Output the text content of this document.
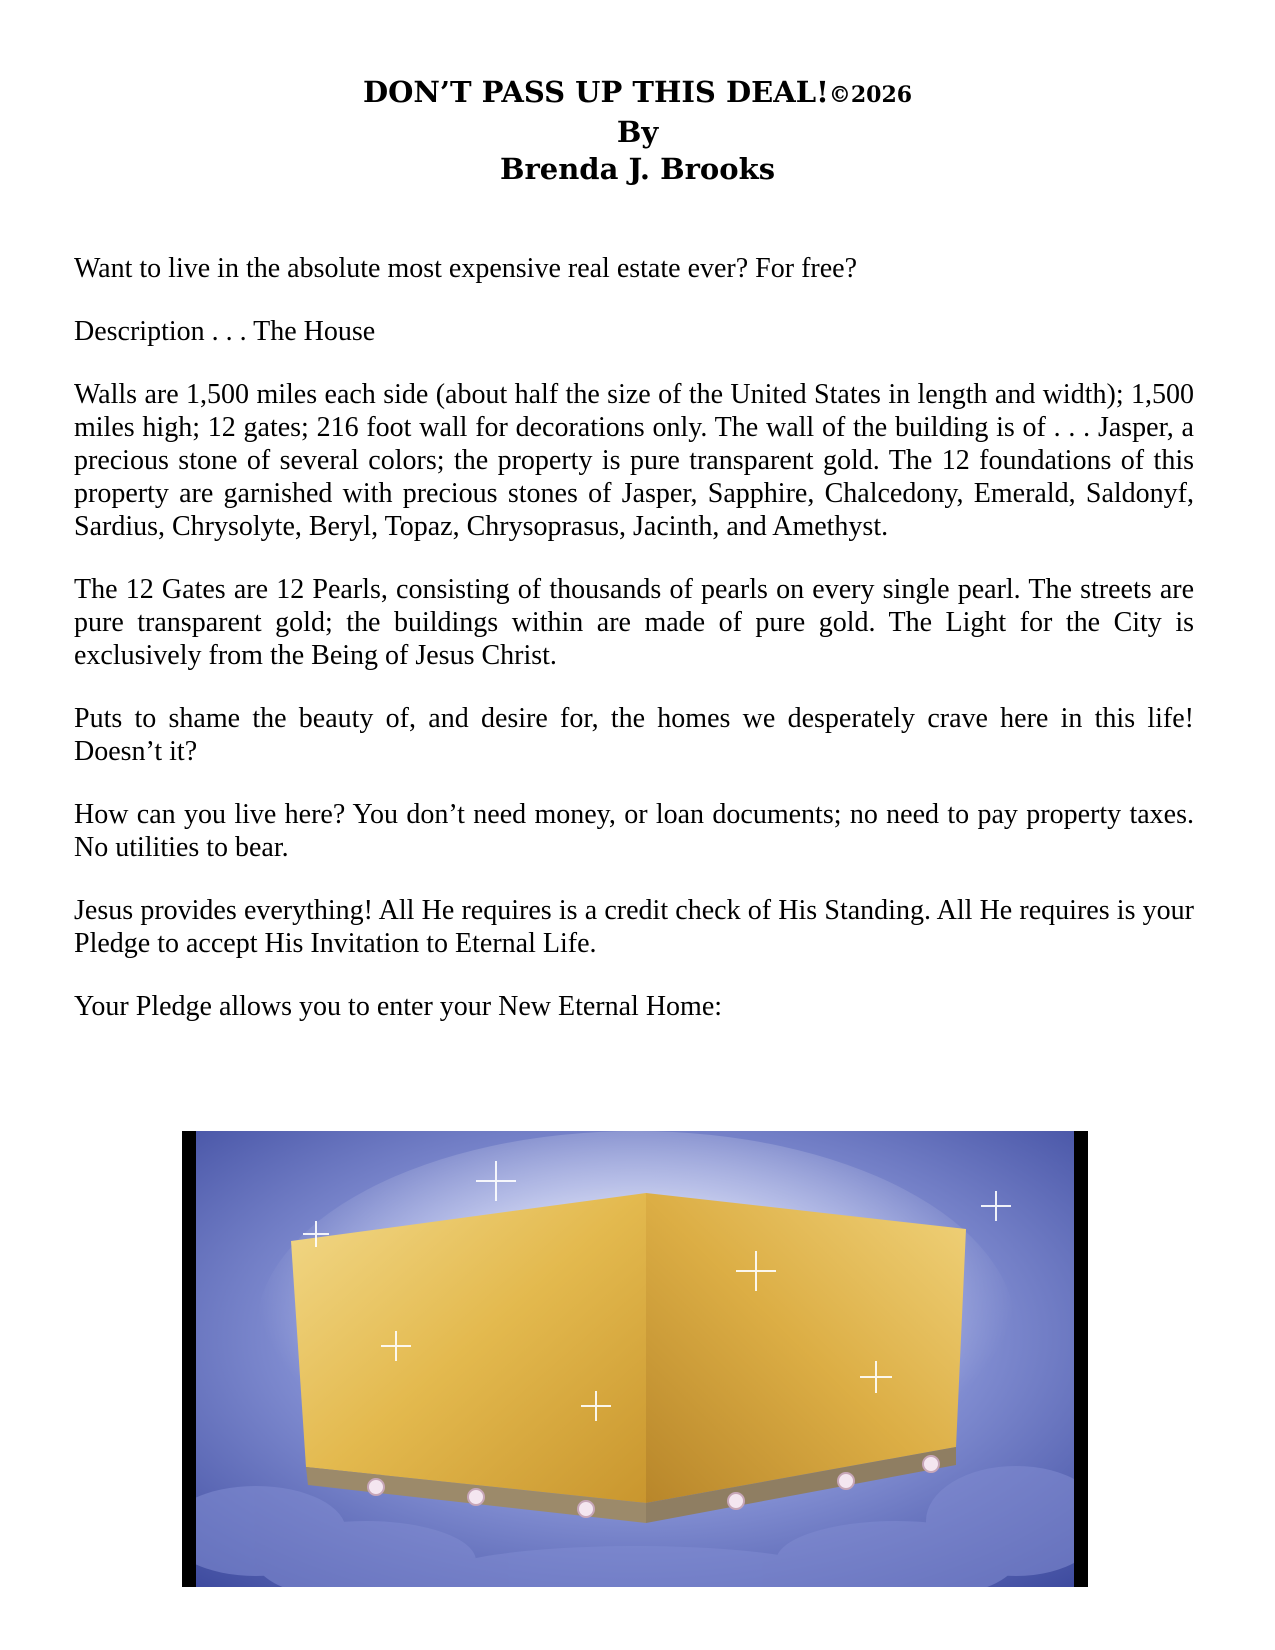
DON’T PASS UP THIS DEAL!©2026
By
Brenda J. Brooks

Want to live in the absolute most expensive real estate ever? For free?

Description . . . The House

Walls are 1,500 miles each side (about half the size of the United States in length and width); 1,500 miles high; 12 gates; 216 foot wall for decorations only. The wall of the building is of . . . Jasper, a precious stone of several colors; the property is pure transparent gold. The 12 foundations of this property are garnished with precious stones of Jasper, Sapphire, Chalcedony, Emerald, Saldonyf, Sardius, Chrysolyte, Beryl, Topaz, Chrysoprasus, Jacinth, and Amethyst.

The 12 Gates are 12 Pearls, consisting of thousands of pearls on every single pearl. The streets are pure transparent gold; the buildings within are made of pure gold. The Light for the City is exclusively from the Being of Jesus Christ.

Puts to shame the beauty of, and desire for, the homes we desperately crave here in this life! Doesn’t it?

How can you live here? You don’t need money, or loan documents; no need to pay property taxes. No utilities to bear.

Jesus provides everything! All He requires is a credit check of His Standing. All He requires is your Pledge to accept His Invitation to Eternal Life.

Your Pledge allows you to enter your New Eternal Home:
